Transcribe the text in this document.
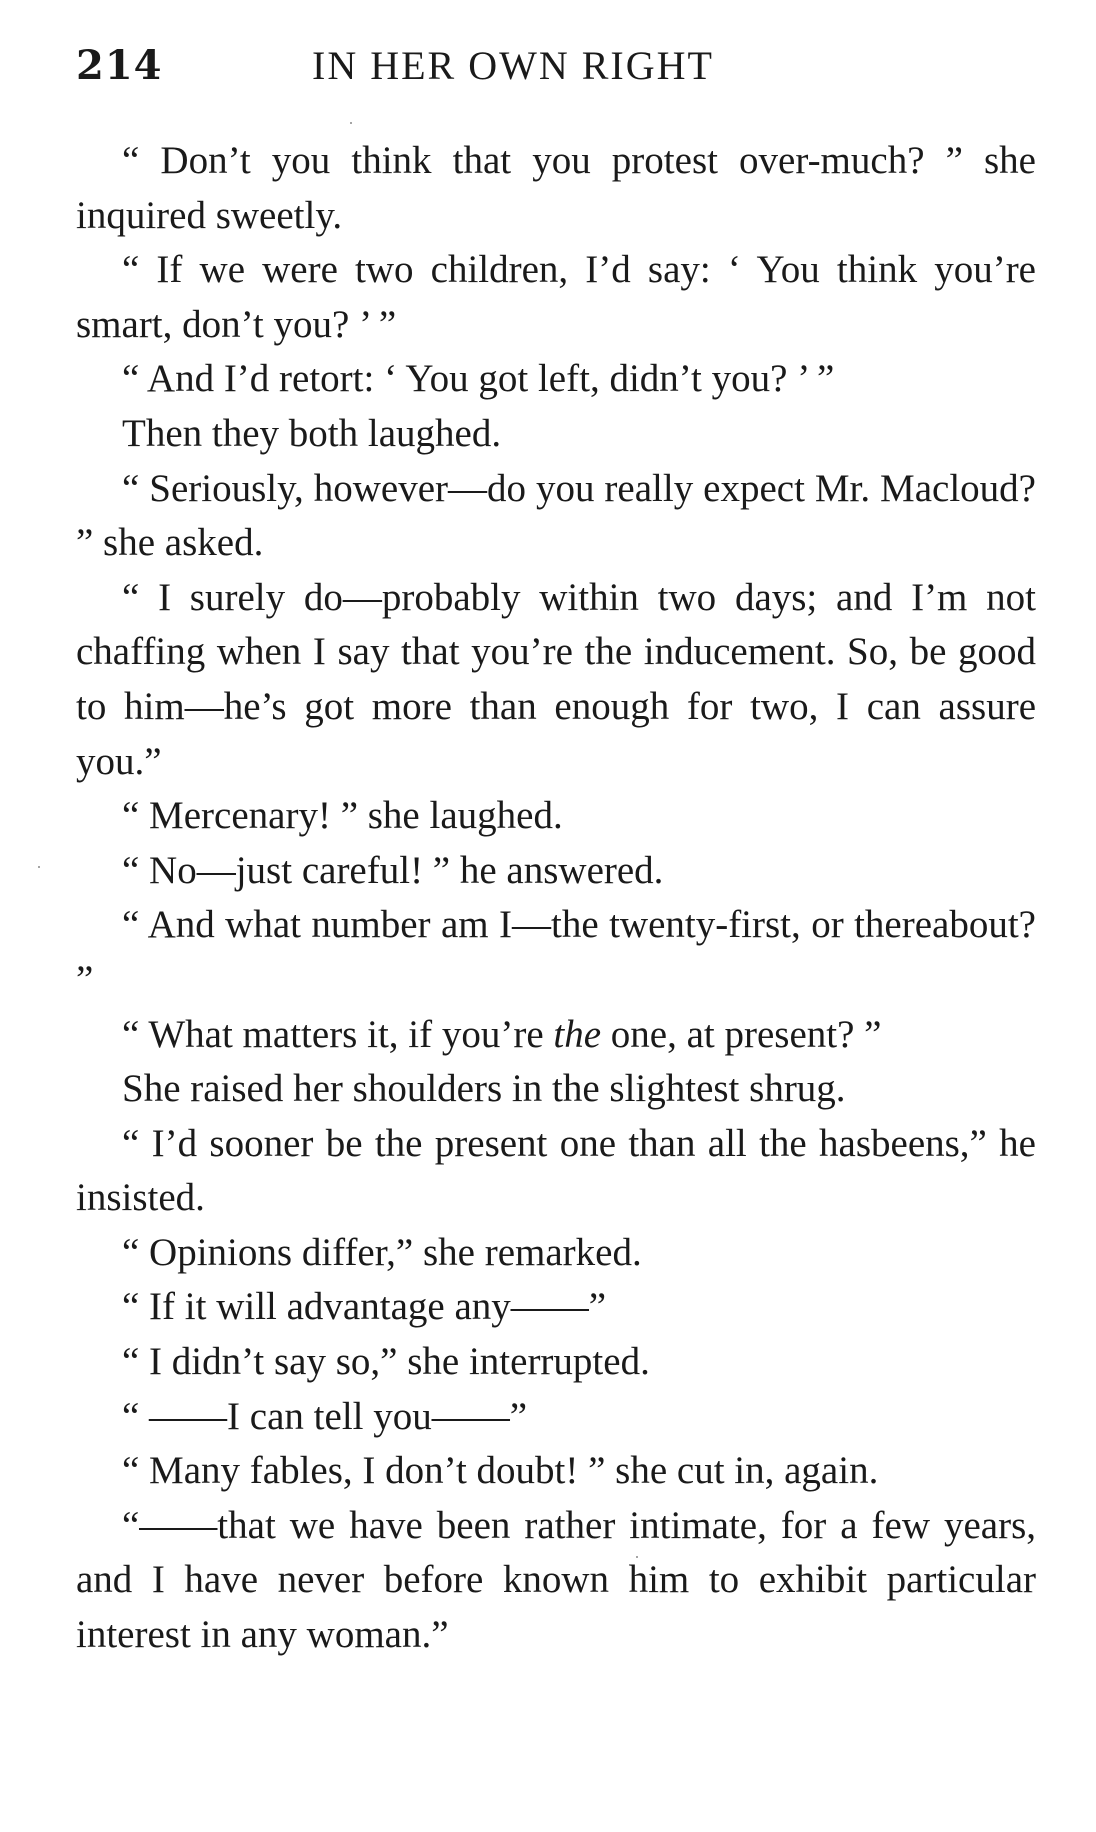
214	IN HER OWN RIGHT

“ Don’t you think that you protest over-much? ” she inquired sweetly.

“ If we were two children, I’d say: ‘ You think you’re smart, don’t you? ’ ”

“ And I’d retort: ‘ You got left, didn’t you? ’ ”

Then they both laughed.

“ Seriously, however—do you really expect Mr. Macloud? ” she asked.

“ I surely do—probably within two days; and I’m not chaffing when I say that you’re the inducement. So, be good to him—he’s got more than enough for two, I can assure you.”

“ Mercenary! ” she laughed.

“ No—just careful! ” he answered.

“ And what number am I—the twenty-first, or thereabout? ”

“ What matters it, if you’re the one, at present? ”

She raised her shoulders in the slightest shrug.

“ I’d sooner be the present one than all the hasbeens,” he insisted.

“ Opinions differ,” she remarked.

“ If it will advantage any——”

“ I didn’t say so,” she interrupted.

“ ——I can tell you——”

“ Many fables, I don’t doubt! ” she cut in, again.

“——that we have been rather intimate, for a few years, and I have never before known him to exhibit particular interest in any woman.”
